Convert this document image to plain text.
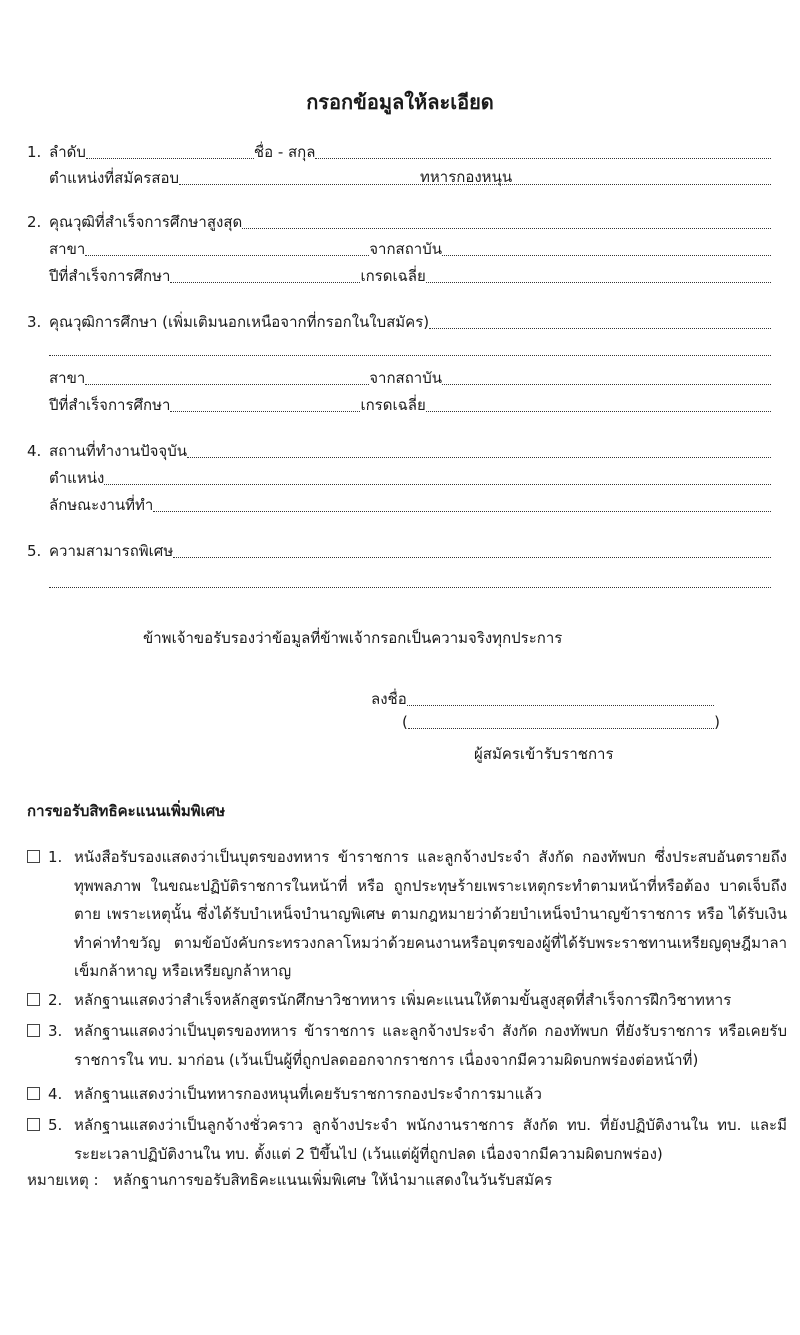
กรอกข้อมูลให้ละเอียด
1. ลำดับ	ชื่อ - สกุล
ตำแหน่งที่สมัครสอบ	ทหารกองหนุน
2. คุณวุฒิที่สำเร็จการศึกษาสูงสุด
สาขา	จากสถาบัน
ปีที่สำเร็จการศึกษา	เกรดเฉลี่ย
3. คุณวุฒิการศึกษา (เพิ่มเติมนอกเหนือจากที่กรอกในใบสมัคร)
สาขา	จากสถาบัน
ปีที่สำเร็จการศึกษา	เกรดเฉลี่ย
4. สถานที่ทำงานปัจจุบัน
ตำแหน่ง
ลักษณะงานที่ทำ
5. ความสามารถพิเศษ
ข้าพเจ้าขอรับรองว่าข้อมูลที่ข้าพเจ้ากรอกเป็นความจริงทุกประการ
ลงชื่อ
(	)
ผู้สมัครเข้ารับราชการ
การขอรับสิทธิคะแนนเพิ่มพิเศษ
1. หนังสือรับรองแสดงว่าเป็นบุตรของทหาร ข้าราชการ และลูกจ้างประจำ สังกัด กองทัพบก ซึ่งประสบอันตรายถึง ทุพพลภาพ ในขณะปฏิบัติราชการในหน้าที่ หรือ ถูกประทุษร้ายเพราะเหตุกระทำตามหน้าที่หรือต้อง บาดเจ็บถึงตาย เพราะเหตุนั้น ซึ่งได้รับบำเหน็จบำนาญพิเศษ ตามกฎหมายว่าด้วยบำเหน็จบำนาญข้าราชการ หรือ ได้รับเงินทำค่าทำขวัญ ตามข้อบังคับกระทรวงกลาโหมว่าด้วยคนงานหรือบุตรของผู้ที่ได้รับพระราชทานเหรียญดุษฎีมาลาเข็มกล้าหาญ หรือเหรียญกล้าหาญ
2. หลักฐานแสดงว่าสำเร็จหลักสูตรนักศึกษาวิชาทหาร เพิ่มคะแนนให้ตามขั้นสูงสุดที่สำเร็จการฝึกวิชาทหาร
3. หลักฐานแสดงว่าเป็นบุตรของทหาร ข้าราชการ และลูกจ้างประจำ สังกัด กองทัพบก ที่ยังรับราชการ หรือเคยรับราชการใน ทบ. มาก่อน (เว้นเป็นผู้ที่ถูกปลดออกจากราชการ เนื่องจากมีความผิดบกพร่องต่อหน้าที่)
4. หลักฐานแสดงว่าเป็นทหารกองหนุนที่เคยรับราชการกองประจำการมาแล้ว
5. หลักฐานแสดงว่าเป็นลูกจ้างชั่วคราว ลูกจ้างประจำ พนักงานราชการ สังกัด ทบ. ที่ยังปฏิบัติงานใน ทบ. และมีระยะเวลาปฏิบัติงานใน ทบ. ตั้งแต่ 2 ปีขึ้นไป (เว้นแต่ผู้ที่ถูกปลด เนื่องจากมีความผิดบกพร่อง)
หมายเหตุ : หลักฐานการขอรับสิทธิคะแนนเพิ่มพิเศษ ให้นำมาแสดงในวันรับสมัคร
